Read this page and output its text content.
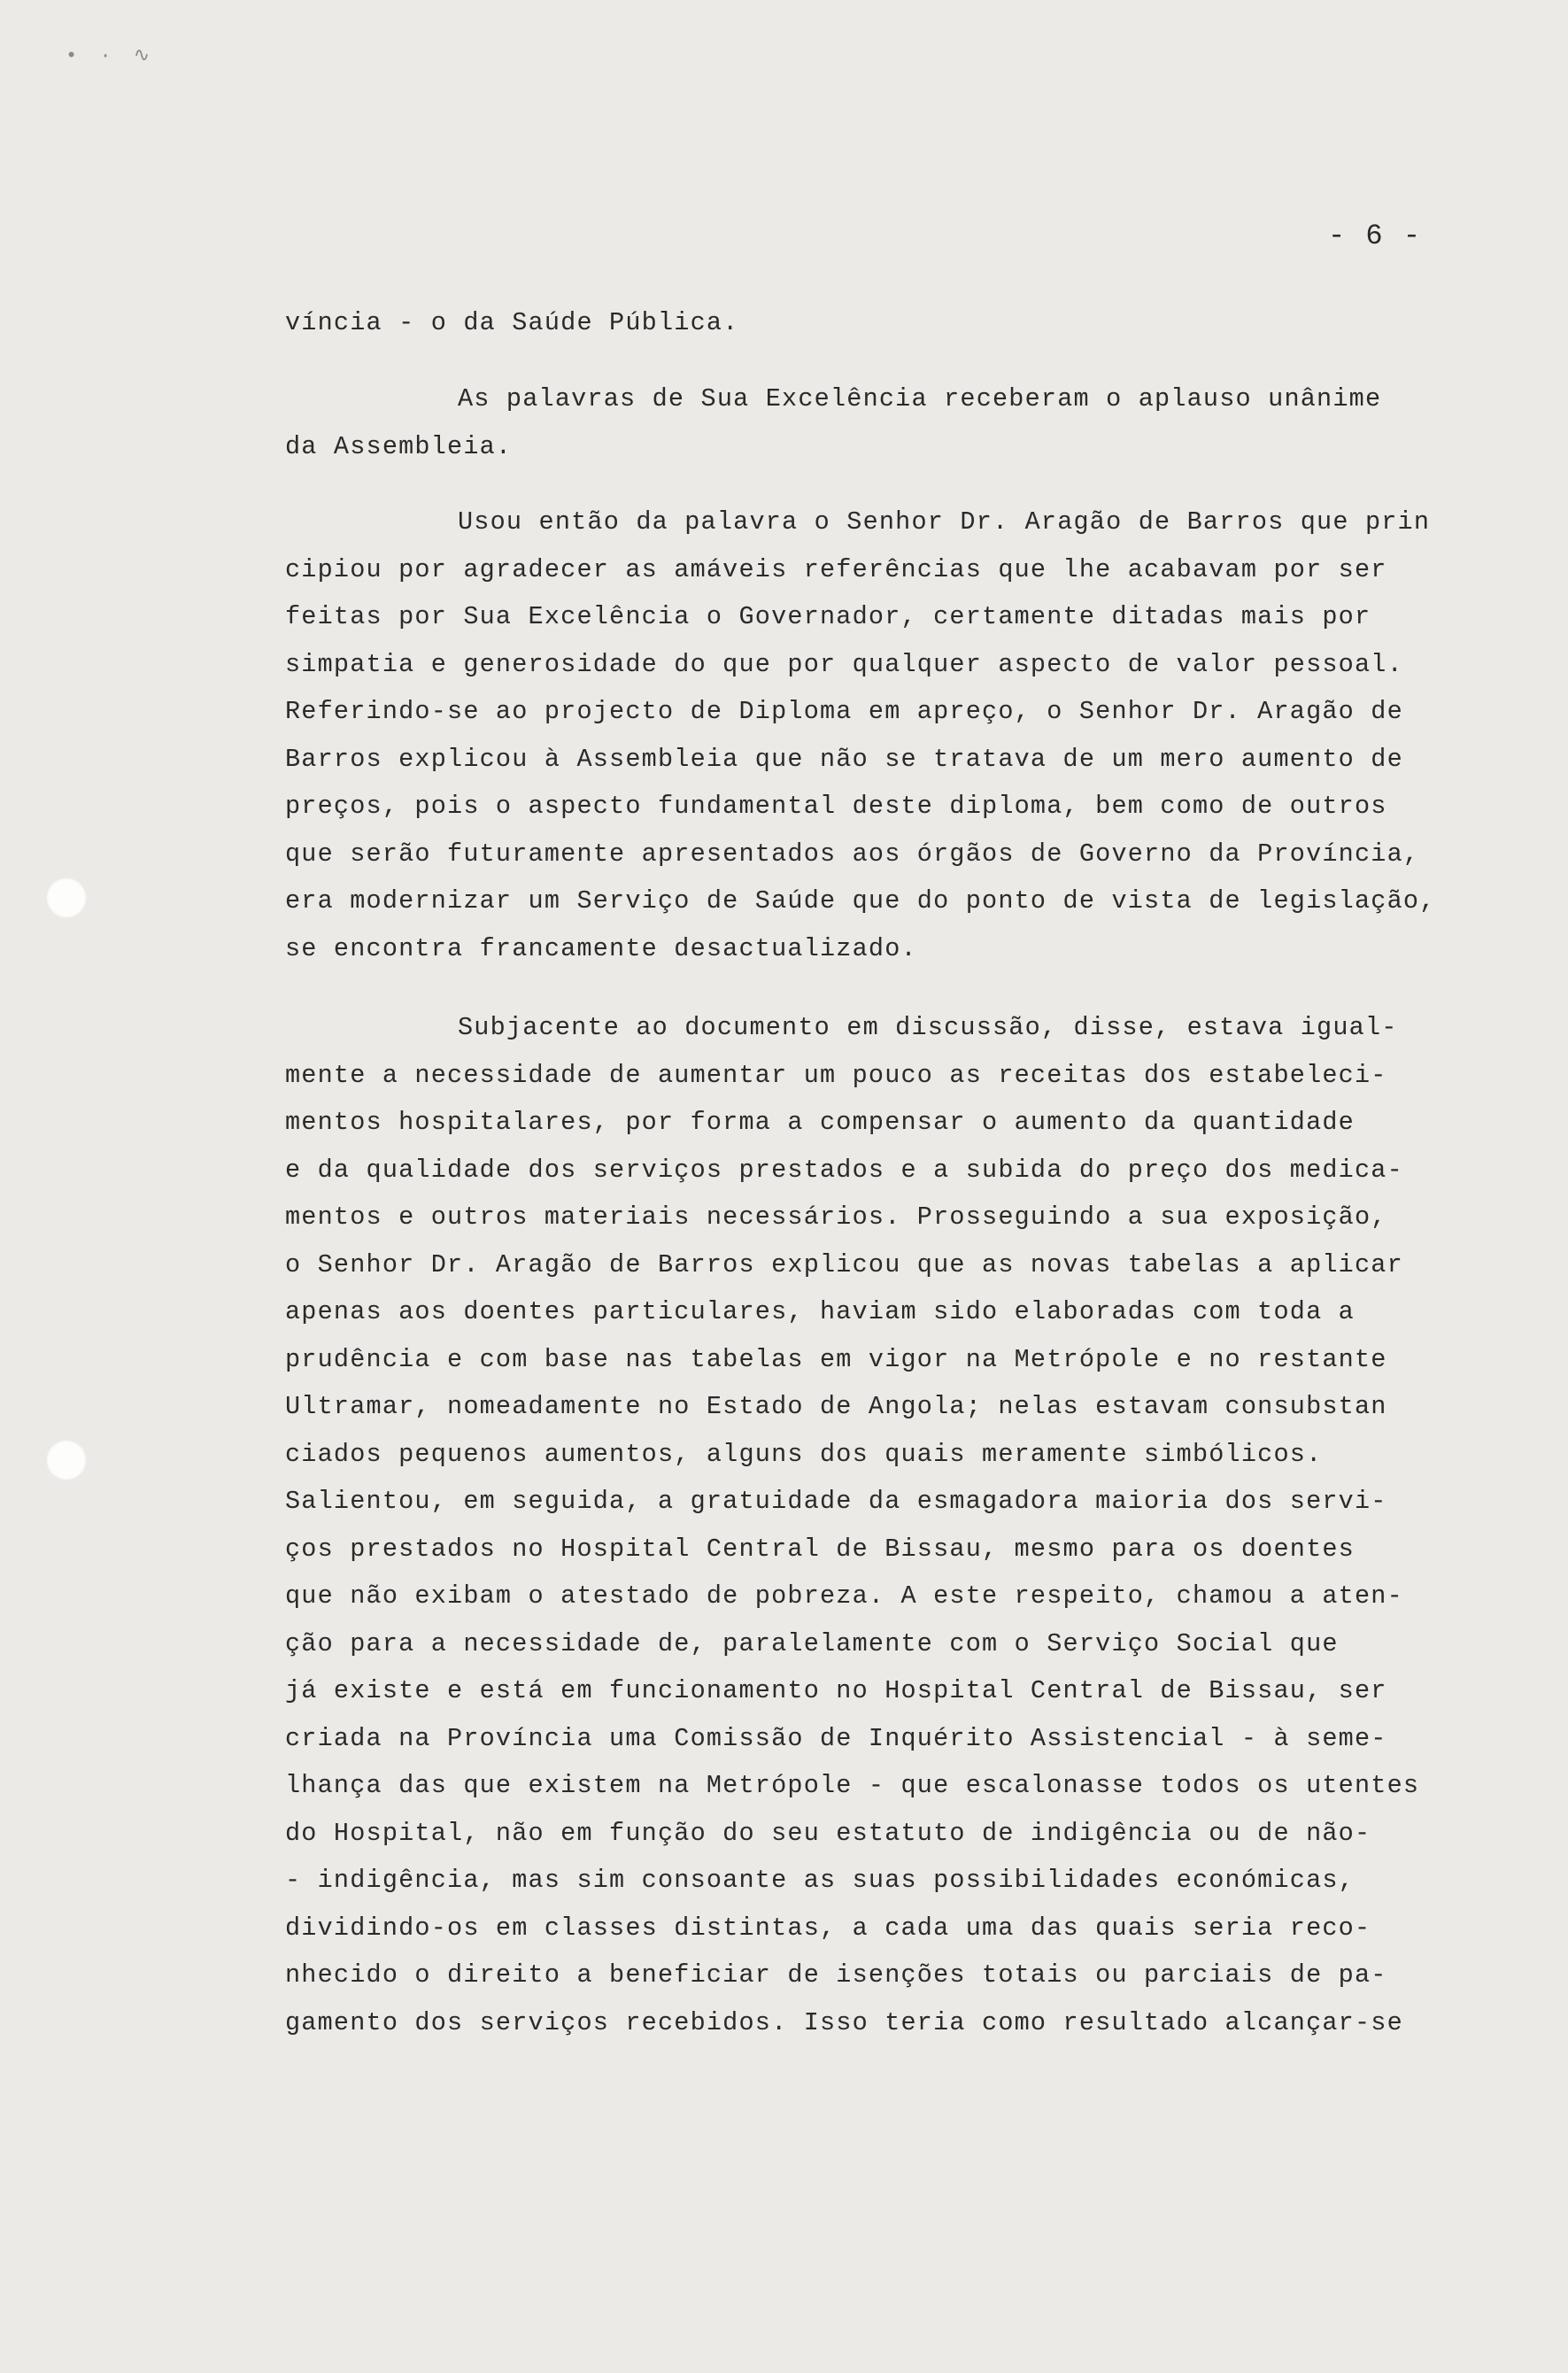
• ∙ ∿
- 6 -
víncia - o da Saúde Pública.
As palavras de Sua Excelência receberam o aplauso unânime
da Assembleia.
Usou então da palavra o Senhor Dr. Aragão de Barros que prin
cipiou por agradecer as amáveis referências que lhe acabavam por ser
feitas por Sua Excelência o Governador, certamente ditadas mais por
simpatia e generosidade do que por qualquer aspecto de valor pessoal.
Referindo-se ao projecto de Diploma em apreço, o Senhor Dr. Aragão de
Barros explicou à Assembleia que não se tratava de um mero aumento de
preços, pois o aspecto fundamental deste diploma, bem como de outros
que serão futuramente apresentados aos órgãos de Governo da Província,
era modernizar um Serviço de Saúde que do ponto de vista de legislação,
se encontra francamente desactualizado.
Subjacente ao documento em discussão, disse, estava igual-
mente a necessidade de aumentar um pouco as receitas dos estabeleci-
mentos hospitalares, por forma a compensar o aumento da quantidade
e da qualidade dos serviços prestados e a subida do preço dos medica-
mentos e outros materiais necessários. Prosseguindo a sua exposição,
o Senhor Dr. Aragão de Barros explicou que as novas tabelas a aplicar
apenas aos doentes particulares, haviam sido elaboradas com toda a
prudência e com base nas tabelas em vigor na Metrópole e no restante
Ultramar, nomeadamente no Estado de Angola; nelas estavam consubstan
ciados pequenos aumentos, alguns dos quais meramente simbólicos.
Salientou, em seguida, a gratuidade da esmagadora maioria dos servi-
ços prestados no Hospital Central de Bissau, mesmo para os doentes
que não exibam o atestado de pobreza. A este respeito, chamou a aten-
ção para a necessidade de, paralelamente com o Serviço Social que
já existe e está em funcionamento no Hospital Central de Bissau, ser
criada na Província uma Comissão de Inquérito Assistencial - à seme-
lhança das que existem na Metrópole - que escalonasse todos os utentes
do Hospital, não em função do seu estatuto de indigência ou de não-
- indigência, mas sim consoante as suas possibilidades económicas,
dividindo-os em classes distintas, a cada uma das quais seria reco-
nhecido o direito a beneficiar de isenções totais ou parciais de pa-
gamento dos serviços recebidos. Isso teria como resultado alcançar-se
